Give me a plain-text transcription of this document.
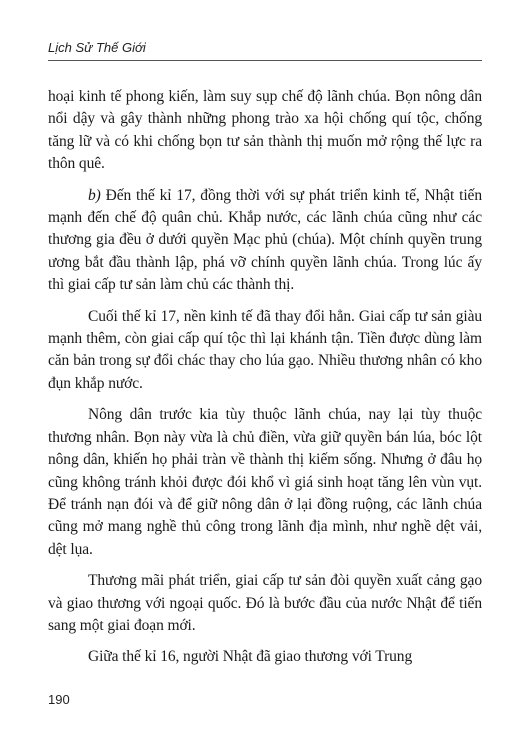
Lịch Sử Thế Giới

hoại kinh tế phong kiến, làm suy sụp chế độ lãnh chúa. Bọn nông dân nổi dậy và gây thành những phong trào xa hội chống quí tộc, chống tăng lữ và có khi chống bọn tư sản thành thị muốn mở rộng thế lực ra thôn quê.

b) Đến thế kỉ 17, đồng thời với sự phát triển kinh tế, Nhật tiến mạnh đến chế độ quân chủ. Khắp nước, các lãnh chúa cũng như các thương gia đều ở dưới quyền Mạc phủ (chúa). Một chính quyền trung ương bắt đầu thành lập, phá vỡ chính quyền lãnh chúa. Trong lúc ấy thì giai cấp tư sản làm chủ các thành thị.

Cuối thế kỉ 17, nền kinh tế đã thay đổi hẳn. Giai cấp tư sản giàu mạnh thêm, còn giai cấp quí tộc thì lại khánh tận. Tiền được dùng làm căn bản trong sự đổi chác thay cho lúa gạo. Nhiều thương nhân có kho đụn khắp nước.

Nông dân trước kia tùy thuộc lãnh chúa, nay lại tùy thuộc thương nhân. Bọn này vừa là chủ điền, vừa giữ quyền bán lúa, bóc lột nông dân, khiến họ phải tràn về thành thị kiếm sống. Nhưng ở đâu họ cũng không tránh khỏi được đói khổ vì giá sinh hoạt tăng lên vùn vụt. Để tránh nạn đói và để giữ nông dân ở lại đồng ruộng, các lãnh chúa cũng mở mang nghề thủ công trong lãnh địa mình, như nghề dệt vải, dệt lụa.

Thương mãi phát triển, giai cấp tư sản đòi quyền xuất cảng gạo và giao thương với ngoại quốc. Đó là bước đầu của nước Nhật để tiến sang một giai đoạn mới.

Giữa thế kỉ 16, người Nhật đã giao thương với Trung

190
